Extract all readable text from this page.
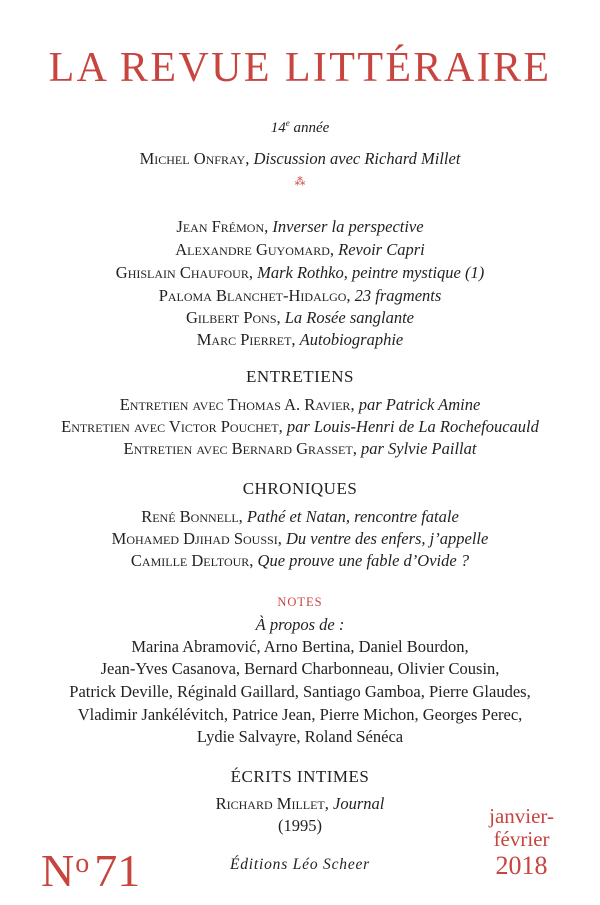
LA REVUE LITTÉRAIRE
14e année
Michel Onfray, Discussion avec Richard Millet
⁂
Jean Frémon, Inverser la perspective
Alexandre Guyomard, Revoir Capri
Ghislain Chaufour, Mark Rothko, peintre mystique (1)
Paloma Blanchet-Hidalgo, 23 fragments
Gilbert Pons, La Rosée sanglante
Marc Pierret, Autobiographie
ENTRETIENS
Entretien avec Thomas A. Ravier, par Patrick Amine
Entretien avec Victor Pouchet, par Louis-Henri de La Rochefoucauld
Entretien avec Bernard Grasset, par Sylvie Paillat
CHRONIQUES
René Bonnell, Pathé et Natan, rencontre fatale
Mohamed Djihad Soussi, Du ventre des enfers, j’appelle
Camille Deltour, Que prouve une fable d’Ovide ?
NOTES
À propos de :
Marina Abramović, Arno Bertina, Daniel Bourdon,
Jean-Yves Casanova, Bernard Charbonneau, Olivier Cousin,
Patrick Deville, Réginald Gaillard, Santiago Gamboa, Pierre Glaudes,
Vladimir Jankélévitch, Patrice Jean, Pierre Michon, Georges Perec,
Lydie Salvayre, Roland Sénéca
ÉCRITS INTIMES
Richard Millet, Journal
(1995)
$N^o$ 71
janvier-
février
2018
Éditions Léo Scheer
